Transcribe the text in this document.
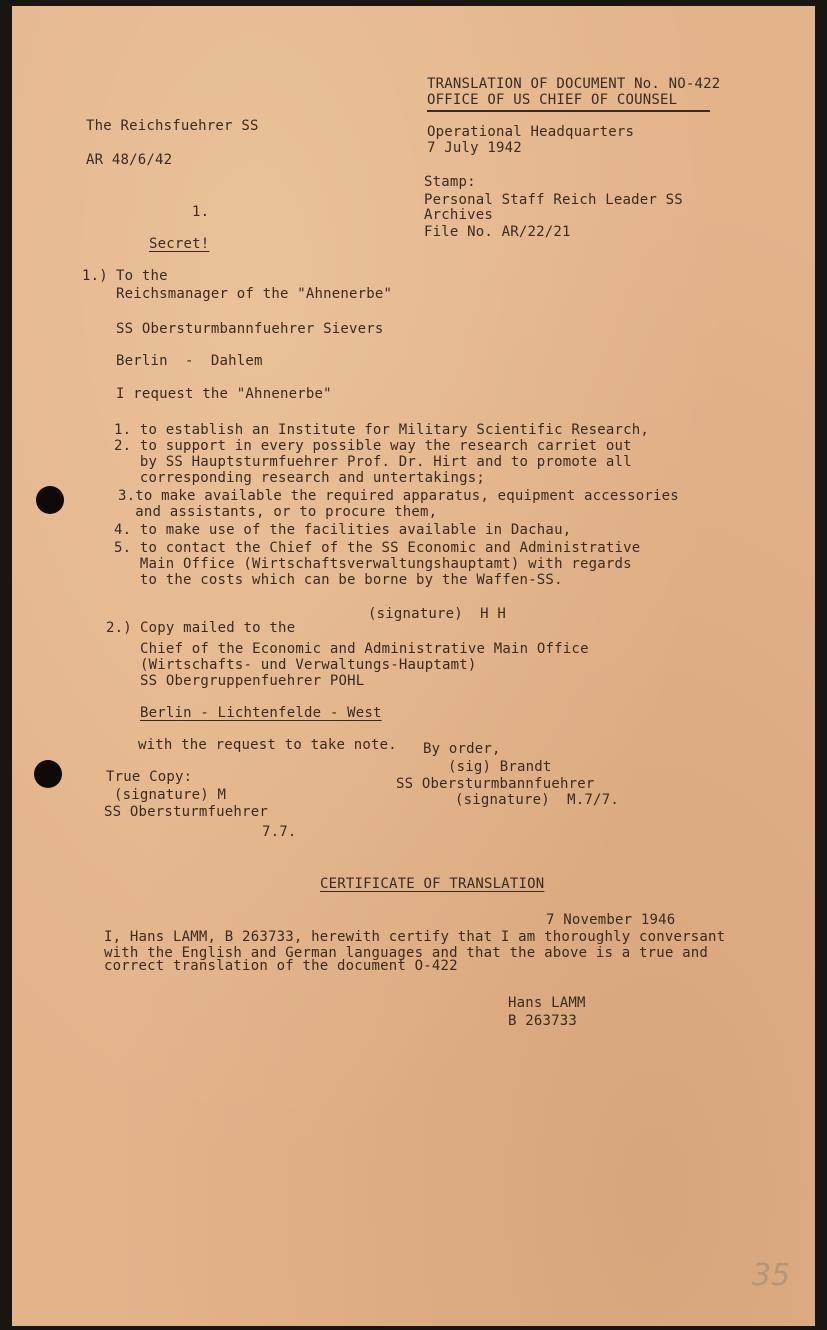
TRANSLATION OF DOCUMENT No. NO-422
OFFICE OF US CHIEF OF COUNSEL
The Reichsfuehrer SS
AR 48/6/42
Operational Headquarters
7 July 1942
Stamp:
Personal Staff Reich Leader SS
Archives
File No. AR/22/21
1.
Secret!
1.) To the
Reichsmanager of the "Ahnenerbe"
SS Obersturmbannfuehrer Sievers
Berlin  -  Dahlem
I request the "Ahnenerbe"
1. to establish an Institute for Military Scientific Research,
2. to support in every possible way the research carriet out
by SS Hauptsturmfuehrer Prof. Dr. Hirt and to promote all
corresponding research and untertakings;
3.to make available the required apparatus, equipment accessories
and assistants, or to procure them,
4. to make use of the facilities available in Dachau,
5. to contact the Chief of the SS Economic and Administrative
Main Office (Wirtschaftsverwaltungshauptamt) with regards
to the costs which can be borne by the Waffen-SS.
(signature)  H H
2.) Copy mailed to the
Chief of the Economic and Administrative Main Office
(Wirtschafts- und Verwaltungs-Hauptamt)
SS Obergruppenfuehrer POHL
Berlin - Lichtenfelde - West
with the request to take note. By order,
(sig) Brandt
SS Obersturmbannfuehrer
(signature)  M.7/7.
True Copy:
(signature) M
SS Obersturmfuehrer
7.7.
CERTIFICATE OF TRANSLATION
7 November 1946
I, Hans LAMM, B 263733, herewith certify that I am thoroughly conversant
with the English and German languages and that the above is a true and
correct translation of the document O-422
Hans LAMM
B 263733
35
